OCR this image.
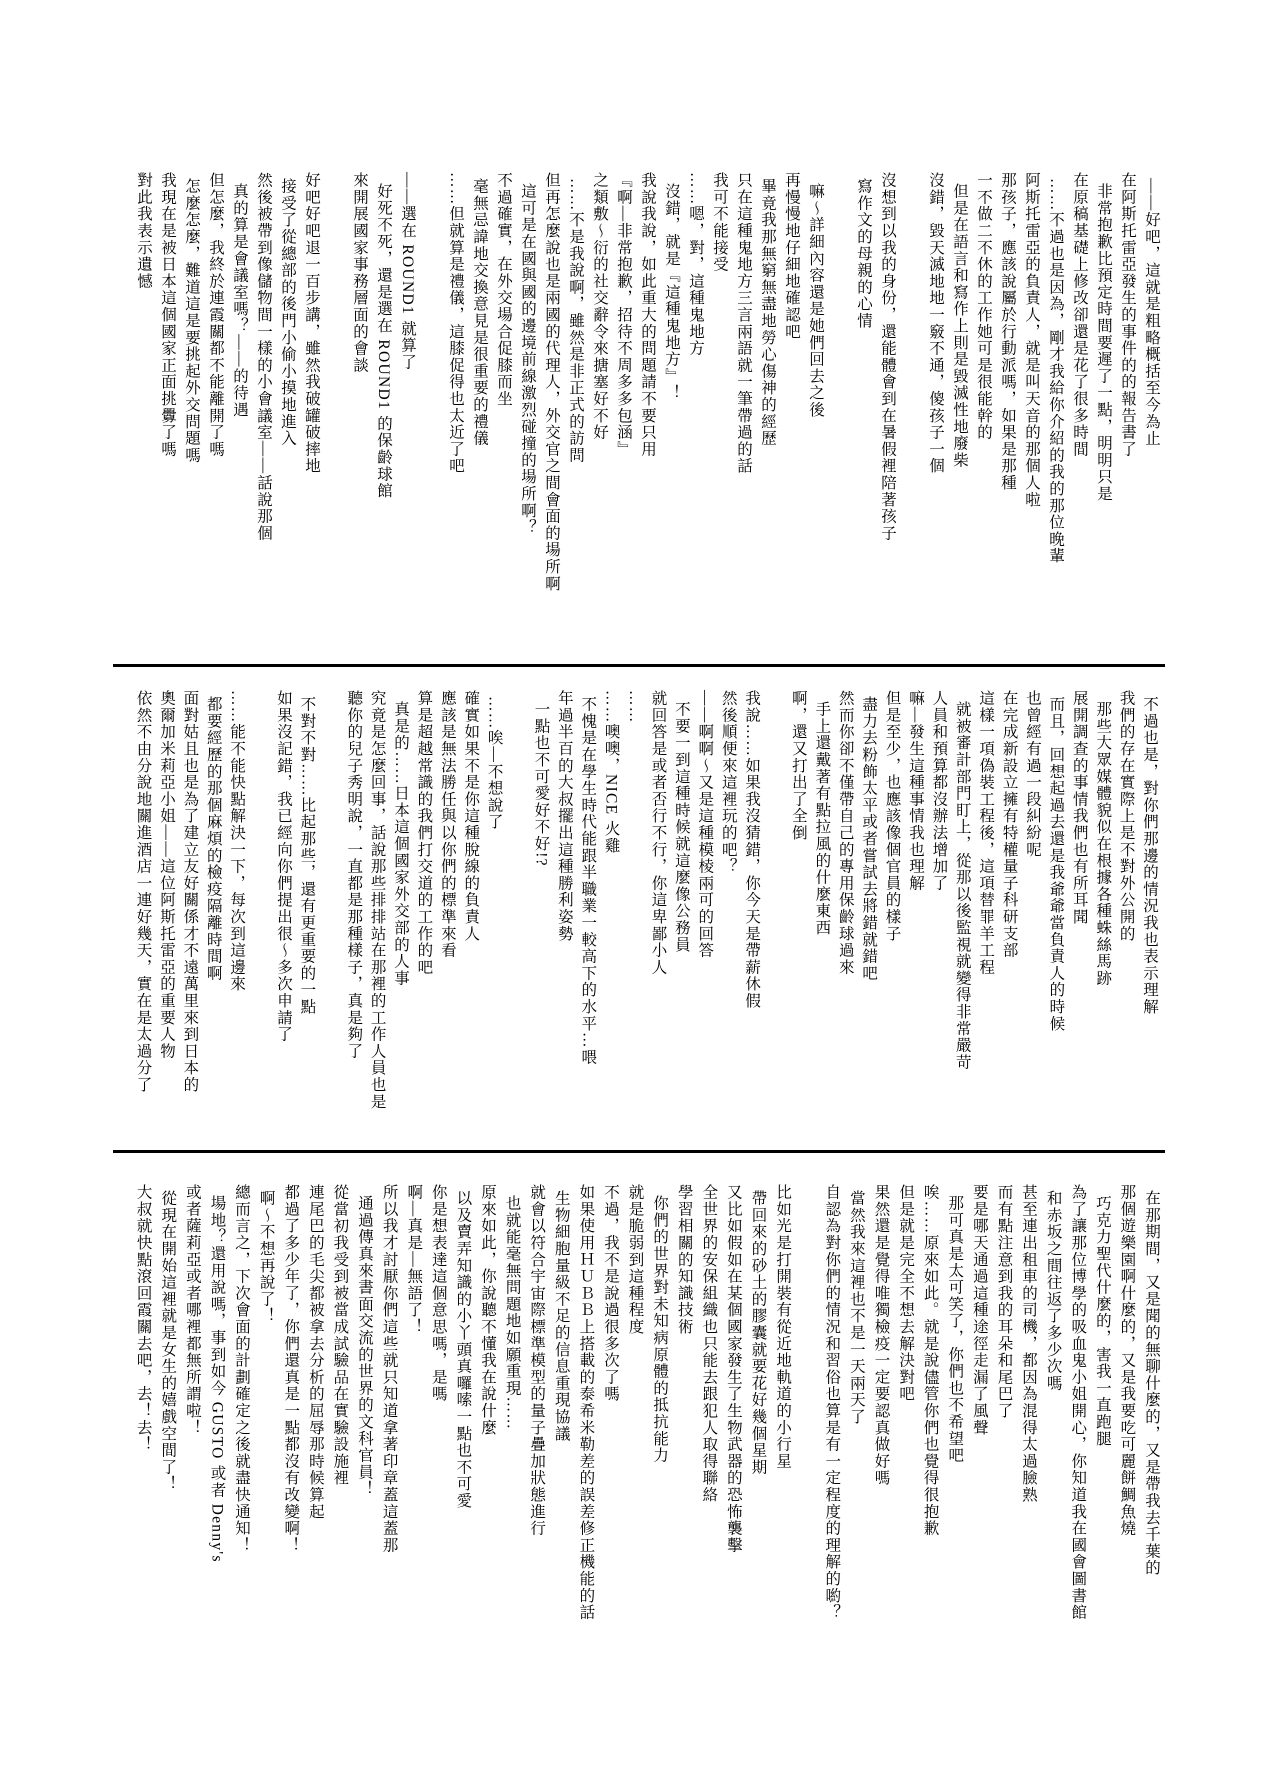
——好吧，這就是粗略概括至今為止

在阿斯托雷亞發生的事件的的報告書了

非常抱歉比預定時間要遲了一點，明明只是

在原稿基礎上修改卻還是花了很多時間

……不過也是因為，剛才我給你介紹的我的那位晚輩

阿斯托雷亞的負責人，就是叫天音的那個人啦

那孩子，應該說屬於行動派嗎，如果是那種

一不做二不休的工作她可是很能幹的

但是在語言和寫作上則是毀滅性地廢柴

沒錯，毀天滅地地一竅不通，傻孩子一個

沒想到以我的身份，還能體會到在暑假裡陪著孩子

寫作文的母親的心情

嘛～詳細內容還是她們回去之後

再慢慢地仔細地確認吧

畢竟我那無窮無盡地勞心傷神的經歷

只在這種鬼地方三言兩語就一筆帶過的話

我可不能接受

……嗯，對，這種鬼地方

沒錯，就是『這種鬼地方』！

我說我說，如此重大的問題請不要只用

『啊—非常抱歉，招待不周多多包涵』

之類敷～衍的社交辭令來搪塞好不好

……不是我說啊，雖然是非正式的訪問

但再怎麼說也是兩國的代理人，外交官之間會面的場所啊

這可是在國與國的邊境前線激烈碰撞的場所啊？

不過確實，在外交場合促膝而坐

毫無忌諱地交換意見是很重要的禮儀

……但就算是禮儀，這膝促得也太近了吧

——選在 ROUND1 就算了

好死不死，還是選在 ROUND1 的保齡球館

來開展國家事務層面的會談

好吧好吧退一百步講，雖然我破罐破摔地

接受了從總部的後門小偷小摸地進入

然後被帶到像儲物間一樣的小會議室——話說那個

真的算是會議室嗎？——的待遇

但怎麼，我終於連霞關都不能離開了嗎

怎麼怎麼，難道這是要挑起外交問題嗎

我現在是被日本這個國家正面挑釁了嗎

對此我表示遺憾

不過也是，對你們那邊的情況我也表示理解

我們的存在實際上是不對外公開的

那些大眾媒體貌似在根據各種蛛絲馬跡

展開調查的事情我們也有所耳聞

而且，回想起過去還是我爺爺當負責人的時候

也曾經有過一段糾紛呢

在完成新設立擁有特權量子科研支部

這樣一項偽裝工程後，這項替罪羊工程

就被審計部門盯上，從那以後監視就變得非常嚴苛

人員和預算都沒辦法增加了

嘛—發生這種事情我也理解

但是至少，也應該像個官員的樣子

盡力去粉飾太平或者嘗試去將錯就錯吧

然而你卻不僅帶自己的專用保齡球過來

手上還戴著有點拉風的什麼東西

啊，還又打出了全倒

我說……如果我沒猜錯，你今天是帶薪休假

然後順便來這裡玩的吧？

——啊啊～又是這種模棱兩可的回答

不要一到這種時候就這麼像公務員

就回答是或者否行不行，你這卑鄙小人

……

……噢噢，NICE 火雞

不愧是在學生時代能跟半職業一較高下的水平…喂

年過半百的大叔擺出這種勝利姿勢

一點也不可愛好不好!?

……唉—不想說了

確實如果不是你這種脫線的負責人

應該是無法勝任與以你們的標準來看

算是超越常識的我們打交道的工作的吧

真是的……日本這個國家外交部的人事

究竟是怎麼回事，話說那些排排站在那裡的工作人員也是

聽你的兒子秀明說，一直都是那種樣子，真是夠了

不對不對……比起那些，還有更重要的一點

如果沒記錯，我已經向你們提出很～多次申請了

……能不能快點解決一下，每次到這邊來

都要經歷的那個麻煩的檢疫隔離時間啊

面對姑且也是為了建立友好關係才不遠萬里來到日本的

奧爾加米莉亞小姐——這位阿斯托雷亞的重要人物

依然不由分說地關進酒店一連好幾天，實在是太過分了

在那期間，又是聞的無聊什麼的，又是帶我去千葉的

那個遊樂園啊什麼的，又是我要吃可麗餅鯛魚燒

巧克力聖代什麼的，害我一直跑腿

為了讓那位博學的吸血鬼小姐開心，你知道我在國會圖書館

和赤坂之間往返了多少次嗎

甚至連出租車的司機，都因為混得太過臉熟

而有點注意到我的耳朵和尾巴了

要是哪天通過這種途徑走漏了風聲

那可真是太可笑了，你們也不希望吧

唉……原來如此。就是說儘管你們也覺得很抱歉

但是就是完全不想去解決對吧

果然還是覺得唯獨檢疫一定要認真做好嗎

當然我來這裡也不是一天兩天了

自認為對你們的情況和習俗也算是有一定程度的理解的喲？

比如光是打開裝有從近地軌道的小行星

帶回來的砂土的膠囊就要花好幾個星期

又比如假如在某個國家發生了生物武器的恐怖襲擊

全世界的安保組織也只能去跟犯人取得聯絡

學習相關的知識技術

你們的世界對未知病原體的抵抗能力

就是脆弱到這種程度

不過，我不是說過很多次了嗎

如果使用ＨＵＢＢ上搭載的泰希米勒差的誤差修正機能的話

生物細胞量級不足的信息重現協議

就會以符合宇宙際標準模型的量子疊加狀態進行

也就能毫無問題地如願重現……

原來如此，你說聽不懂我在說什麼

以及賣弄知識的小丫頭真囉嗦一點也不可愛

你是想表達這個意思嗎，是嗎

啊—真是—無語了！

所以我才討厭你們這些就只知道拿著印章蓋這蓋那

通過傳真來書面交流的世界的文科官員！

從當初我受到被當成試驗品在實驗設施裡

連尾巴的毛尖都被拿去分析的屈辱那時候算起

都過了多少年了，你們還真是一點都沒有改變啊！

啊～不想再說了！

總而言之，下次會面的計劃確定之後就盡快通知！

場地？還用說嗎，事到如今 GUSTO 或者 Denny's

或者薩莉亞或者哪裡都無所謂啦！

從現在開始這裡就是女生的嬉戲空間了！

大叔就快點滾回霞關去吧，去！去！
